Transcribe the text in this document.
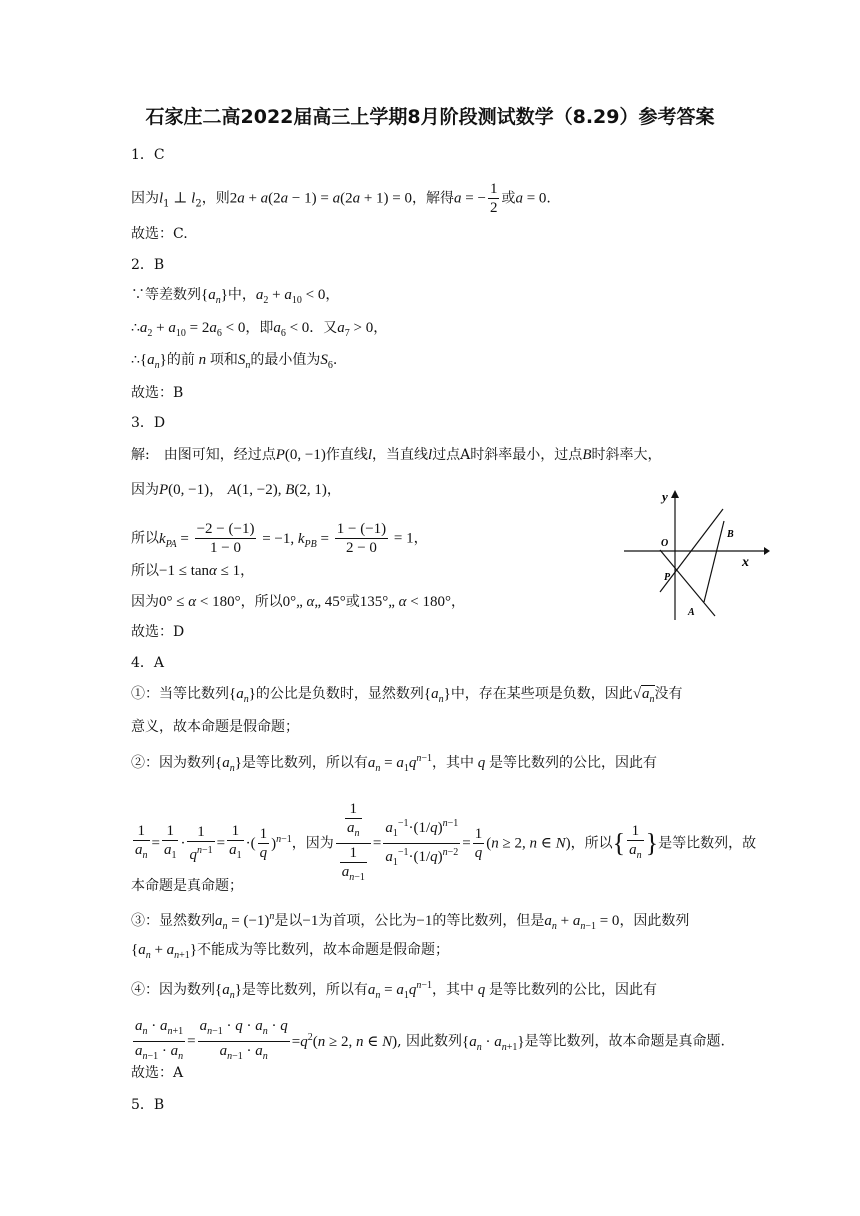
石家庄二高2022届高三上学期8月阶段测试数学（8.29）参考答案
1．C
因为$l_1$ ⊥ $l_2$，则2a + a(2a − 1) = a(2a + 1) = 0，解得a = − $\frac{1}{2}$ 或a = 0.
故选：C.
2．B
∵等差数列$\{a_n\}$中，$a_2 + a_{10} < 0$，
$\therefore a_2 + a_{10} = 2a_6 < 0$，即$a_6 < 0$．又$a_7 > 0$，
$\therefore\{a_n\}$的前 n 项和$S_n$的最小值为$S_6$.
故选：B
3．D
解:　由图可知，经过点P(0, −1)作直线l，当直线l过点A时斜率最小，过点B时斜率大，
因为P(0, −1)， A(1, −2), B(2, 1)，
所以$k_{PA} = \frac{-2 - (-1)}{1 - 0} = -1$, $k_{PB} = \frac{1 - (-1)}{2 - 0} = 1$，
所以−1 ≤ tanα ≤ 1，
因为0° ≤ α < 180°，所以0°„ α„ 45°或135°„ α < 180°，
故选：D
y
x
O
P
A
B
4．A
①：当等比数列$\{a_n\}$的公比是负数时，显然数列$\{a_n\}$中，存在某些项是负数，因此$√a_n$没有
意义，故本命题是假命题；
②：因为数列$\{a_n\}$是等比数列，所以有$a_n = a_1q^{n-1}$，其中 q 是等比数列的公比，因此有
$\frac{1}{a_n} = \frac{1}{a_1} \cdot \frac{1}{q^{n-1}} = \frac{1}{a_1}$ ·( $\frac{1}{q} )^{n-1}$，因为 $\frac{\frac{1}{a_n}}{\frac{1}{a_{n-1}}} = \frac{a_1^{-1}\cdot(1/q)^{n-1}}{a_1^{-1}\cdot(1/q)^{n-2}} = \frac{1}{q} (n \ge 2$, n ∈ N)，所以{ $\frac{1}{a_n}$ }是等比数列，故
本命题是真命题；
③：显然数列$a_n = (-1)^n$是以−1为首项，公比为−1的等比数列，但是$a_n + a_{n-1} = 0$，因此数列
$\{a_n + a_{n+1}\}$不能成为等比数列，故本命题是假命题；
④：因为数列$\{a_n\}$是等比数列，所以有$a_n = a_1q^{n-1}$，其中 q 是等比数列的公比，因此有
$\frac{a_n \cdot a_{n+1}}{a_{n-1} \cdot a_n} = \frac{a_{n-1} \cdot q \cdot a_n \cdot q}{a_{n-1} \cdot a_n} =q^2(n \ge 2$, n ∈ N), 因此数列$\{a_n \cdot a_{n+1}\}$是等比数列，故本命题是真命题.
故选：A
5．B
